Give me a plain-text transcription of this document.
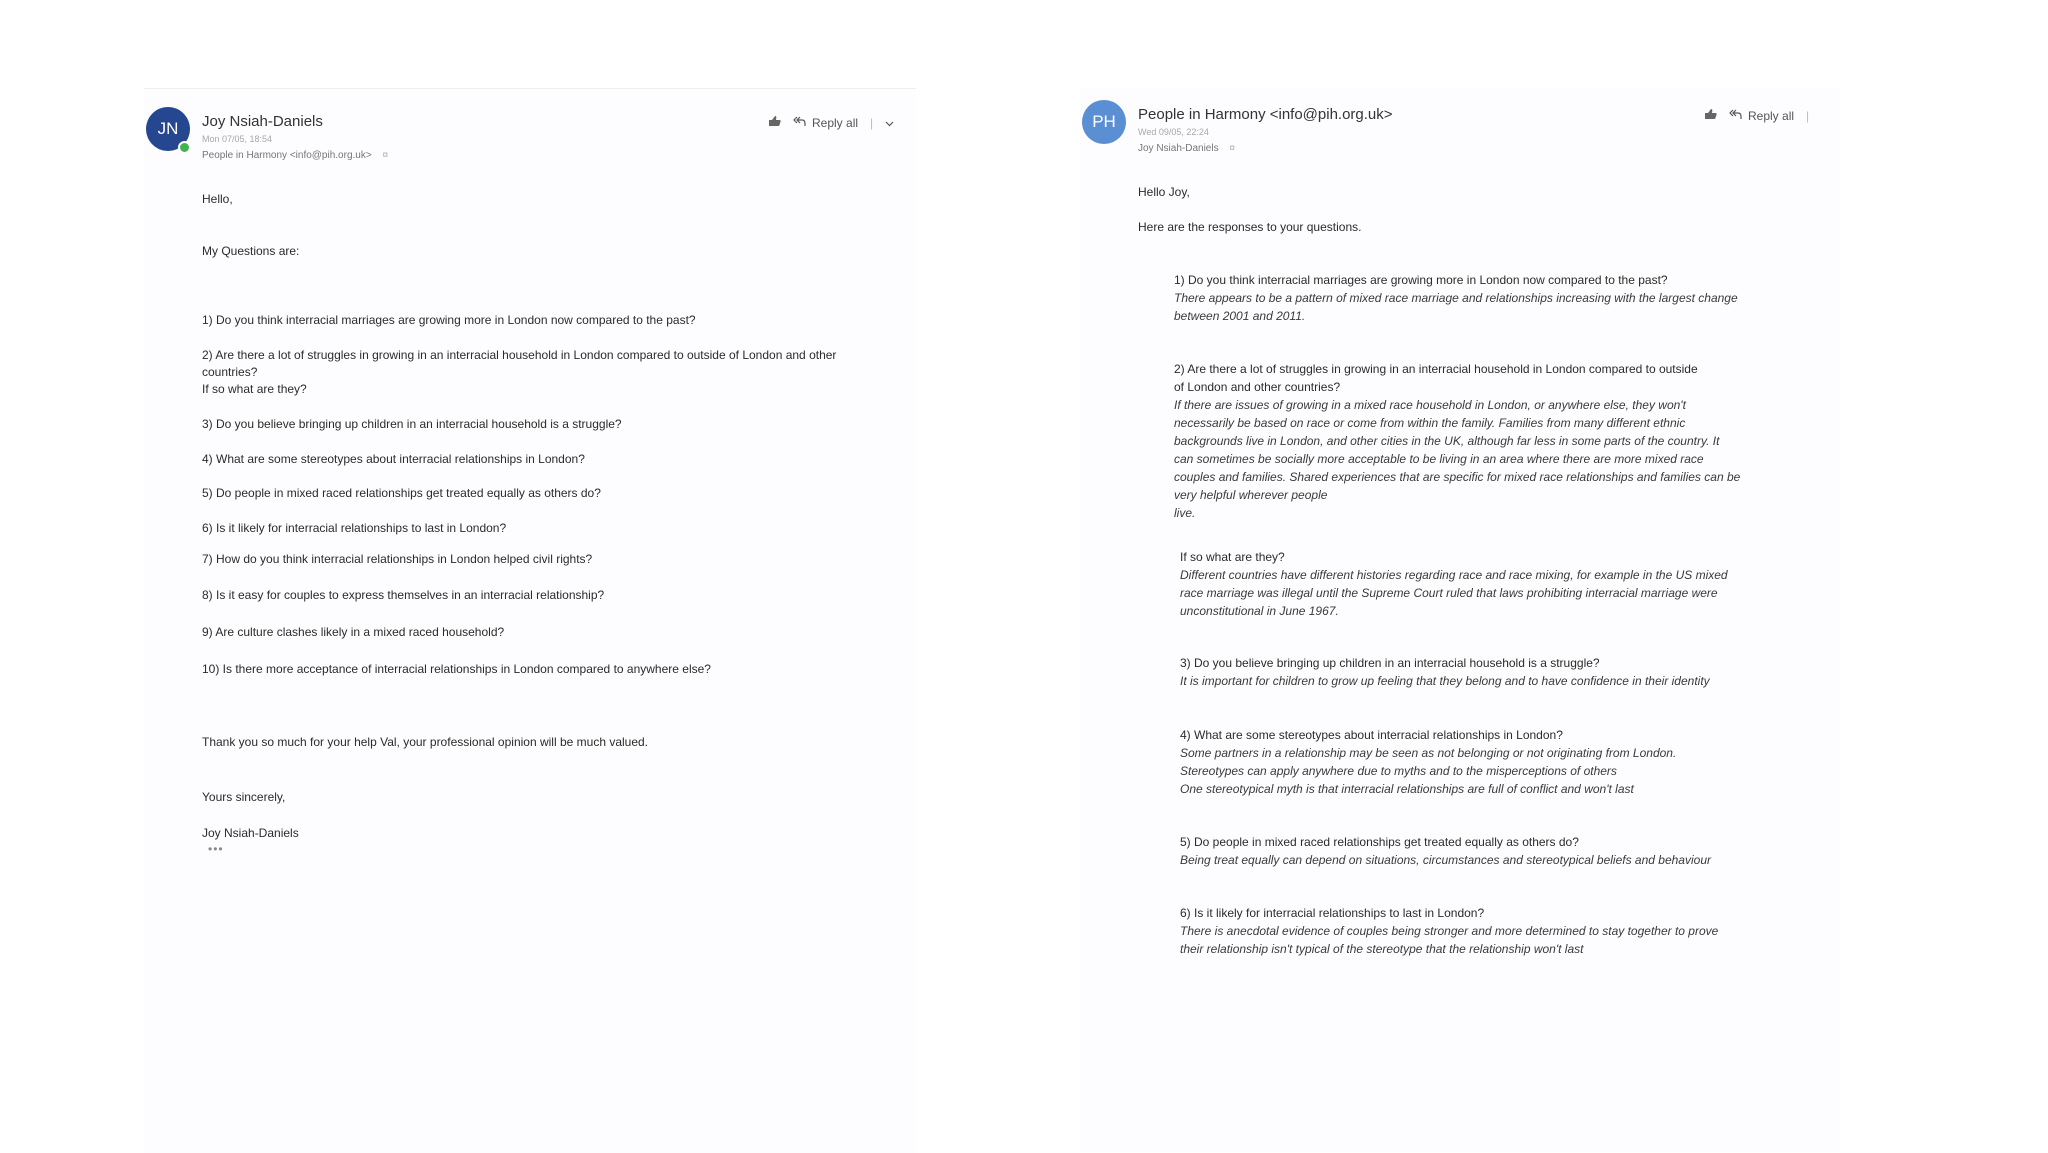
JN Joy Nsiah-Daniels
Mon 07/05, 18:54
People in Harmony <info@pih.org.uk> ¤
Reply all |
Hello,
My Questions are:
1) Do you think interracial marriages are growing more in London now compared to the past?
2) Are there a lot of struggles in growing in an interracial household in London compared to outside of London and other
countries?
If so what are they?
3) Do you believe bringing up children in an interracial household is a struggle?
4) What are some stereotypes about interracial relationships in London?
5) Do people in mixed raced relationships get treated equally as others do?
6) Is it likely for interracial relationships to last in London?
7) How do you think interracial relationships in London helped civil rights?
8) Is it easy for couples to express themselves in an interracial relationship?
9) Are culture clashes likely in a mixed raced household?
10) Is there more acceptance of interracial relationships in London compared to anywhere else?
Thank you so much for your help Val, your professional opinion will be much valued.
Yours sincerely,
Joy Nsiah-Daniels
•••
PH People in Harmony <info@pih.org.uk>
Wed 09/05, 22:24
Joy Nsiah-Daniels ¤
Reply all |
Hello Joy,
Here are the responses to your questions.
1) Do you think interracial marriages are growing more in London now compared to the past?
There appears to be a pattern of mixed race marriage and relationships increasing with the largest change
between 2001 and 2011.
2) Are there a lot of struggles in growing in an interracial household in London compared to outside
of London and other countries?
If there are issues of growing in a mixed race household in London, or anywhere else, they won't
necessarily be based on race or come from within the family. Families from many different ethnic
backgrounds live in London, and other cities in the UK, although far less in some parts of the country. It
can sometimes be socially more acceptable to be living in an area where there are more mixed race
couples and families. Shared experiences that are specific for mixed race relationships and families can be
very helpful wherever people
live.
If so what are they?
Different countries have different histories regarding race and race mixing, for example in the US mixed
race marriage was illegal until the Supreme Court ruled that laws prohibiting interracial marriage were
unconstitutional in June 1967.
3) Do you believe bringing up children in an interracial household is a struggle?
It is important for children to grow up feeling that they belong and to have confidence in their identity
4) What are some stereotypes about interracial relationships in London?
Some partners in a relationship may be seen as not belonging or not originating from London.
Stereotypes can apply anywhere due to myths and to the misperceptions of others
One stereotypical myth is that interracial relationships are full of conflict and won't last
5) Do people in mixed raced relationships get treated equally as others do?
Being treat equally can depend on situations, circumstances and stereotypical beliefs and behaviour
6) Is it likely for interracial relationships to last in London?
There is anecdotal evidence of couples being stronger and more determined to stay together to prove
their relationship isn't typical of the stereotype that the relationship won't last
